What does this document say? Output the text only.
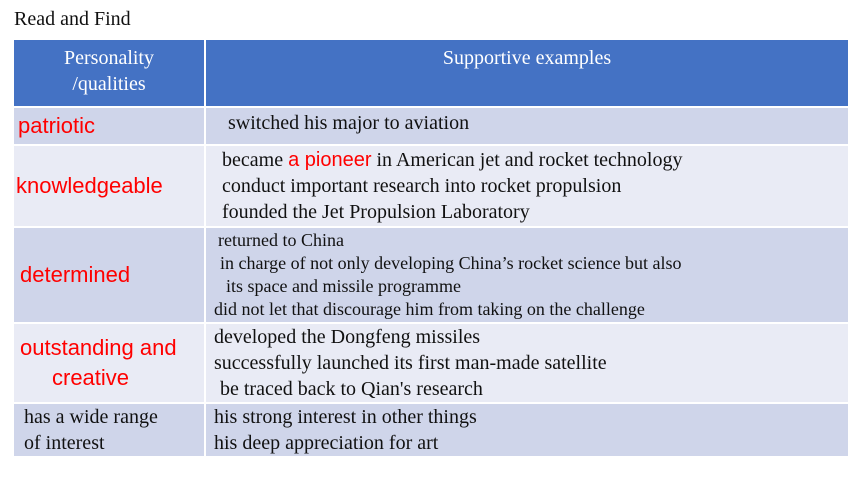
Read and Find
Personality
/qualities	Supportive examples

patriotic	switched his major to aviation

knowledgeable	became a pioneer in American jet and rocket technology
conduct important research into rocket propulsion
founded the Jet Propulsion Laboratory

determined	returned to China
in charge of not only developing China’s rocket science but also
its space and missile programme
did not let that discourage him from taking on the challenge

outstanding and
creative	developed the Dongfeng missiles
successfully launched its first man-made satellite
be traced back to Qian's research

has a wide range
of interest	his strong interest in other things
his deep appreciation for art
